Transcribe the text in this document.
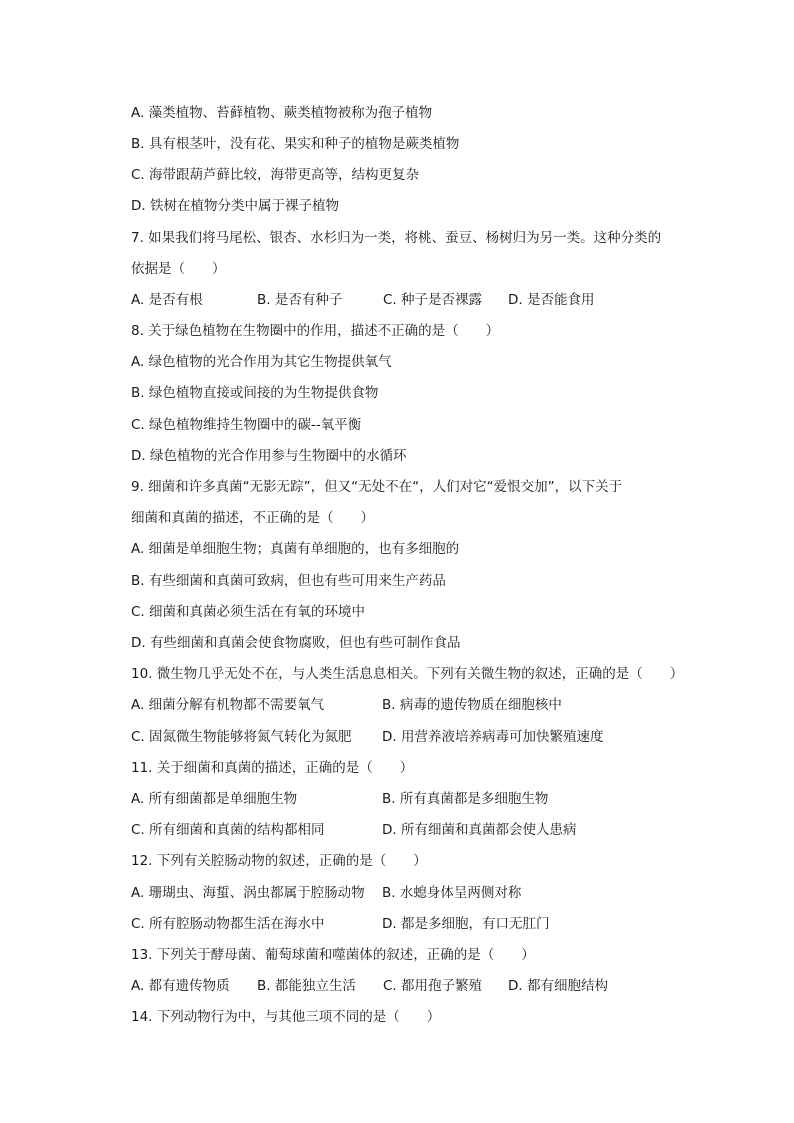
A. 藻类植物、苔藓植物、蕨类植物被称为孢子植物
B. 具有根茎叶，没有花、果实和种子的植物是蕨类植物
C. 海带跟葫芦藓比较，海带更高等，结构更复杂
D. 铁树在植物分类中属于裸子植物
7. 如果我们将马尾松、银杏、水杉归为一类，将桃、蚕豆、杨树归为另一类。这种分类的
依据是（　　）
A. 是否有根	B. 是否有种子	C. 种子是否裸露 D. 是否能食用
8. 关于绿色植物在生物圈中的作用，描述不正确的是（　　）
A. 绿色植物的光合作用为其它生物提供氧气
B. 绿色植物直接或间接的为生物提供食物
C. 绿色植物维持生物圈中的碳--氧平衡
D. 绿色植物的光合作用参与生物圈中的水循环
9. 细菌和许多真菌“无影无踪”，但又“无处不在“，人们对它“爱恨交加”，以下关于
细菌和真菌的描述，不正确的是（　　）
A. 细菌是单细胞生物；真菌有单细胞的，也有多细胞的
B. 有些细菌和真菌可致病，但也有些可用来生产药品
C. 细菌和真菌必须生活在有氧的环境中
D. 有些细菌和真菌会使食物腐败，但也有些可制作食品
10. 微生物几乎无处不在，与人类生活息息相关。下列有关微生物的叙述，正确的是（　　）
A. 细菌分解有机物都不需要氧气	B. 病毒的遗传物质在细胞核中
C. 固氮微生物能够将氮气转化为氮肥 D. 用营养液培养病毒可加快繁殖速度
11. 关于细菌和真菌的描述，正确的是（　　）
A. 所有细菌都是单细胞生物	B. 所有真菌都是多细胞生物
C. 所有细菌和真菌的结构都相同	D. 所有细菌和真菌都会使人患病
12. 下列有关腔肠动物的叙述，正确的是（　　）
A. 珊瑚虫、海蜇、涡虫都属于腔肠动物 B. 水螅身体呈两侧对称
C. 所有腔肠动物都生活在海水中	D. 都是多细胞，有口无肛门
13. 下列关于酵母菌、葡萄球菌和噬菌体的叙述，正确的是（　　）
A. 都有遗传物质 B. 都能独立生活 C. 都用孢子繁殖 D. 都有细胞结构
14. 下列动物行为中，与其他三项不同的是（　　）
